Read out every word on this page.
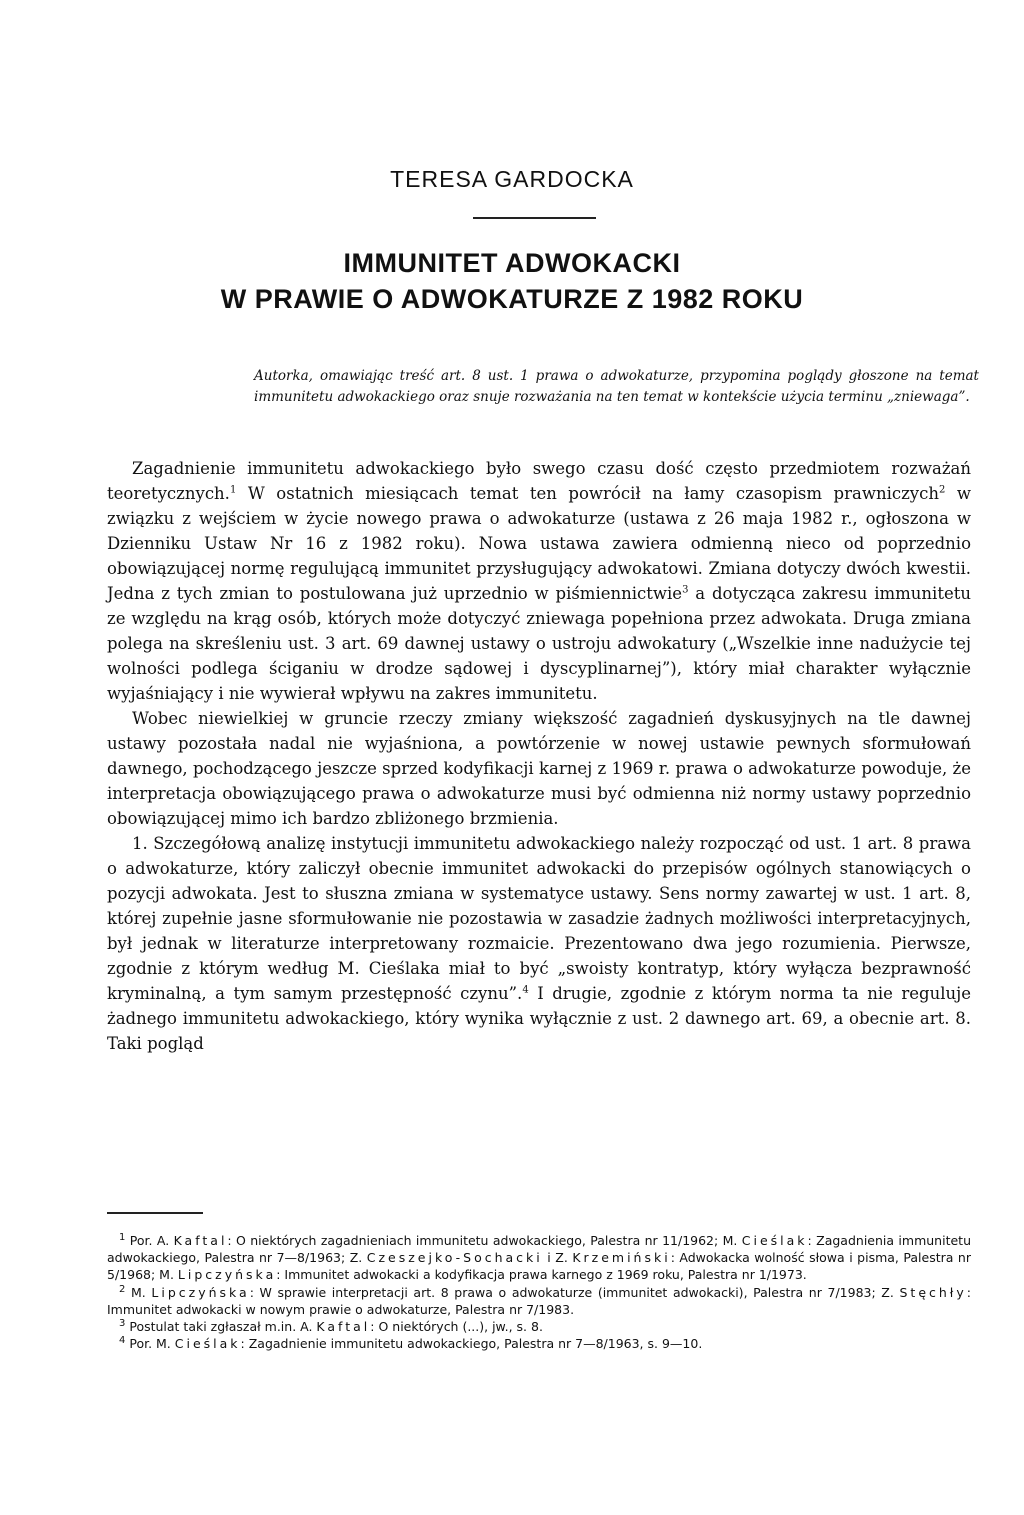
TERESA GARDOCKA
IMMUNITET ADWOKACKI
W PRAWIE O ADWOKATURZE Z 1982 ROKU
Autorka, omawiając treść art. 8 ust. 1 prawa o adwokaturze, przypomina poglądy głoszone na temat immunitetu adwokackiego oraz snuje rozważania na ten temat w kontekście użycia terminu „zniewaga”.

Zagadnienie immunitetu adwokackiego było swego czasu dość często przedmiotem rozważań teoretycznych.$^1$ W ostatnich miesiącach temat ten powrócił na łamy czasopism prawniczych$^2$ w związku z wejściem w życie nowego prawa o adwokaturze (ustawa z 26 maja 1982 r., ogłoszona w Dzienniku Ustaw Nr 16 z 1982 roku). Nowa ustawa zawiera odmienną nieco od poprzednio obowiązującej normę regulującą immunitet przysługujący adwokatowi. Zmiana dotyczy dwóch kwestii. Jedna z tych zmian to postulowana już uprzednio w piśmiennictwie$^3$ a dotycząca zakresu immunitetu ze względu na krąg osób, których może dotyczyć zniewaga popełniona przez adwokata. Druga zmiana polega na skreśleniu ust. 3 art. 69 dawnej ustawy o ustroju adwokatury („Wszelkie inne nadużycie tej wolności podlega ściganiu w drodze sądowej i dyscyplinarnej”), który miał charakter wyłącznie wyjaśniający i nie wywierał wpływu na zakres immunitetu.

Wobec niewielkiej w gruncie rzeczy zmiany większość zagadnień dyskusyjnych na tle dawnej ustawy pozostała nadal nie wyjaśniona, a powtórzenie w nowej ustawie pewnych sformułowań dawnego, pochodzącego jeszcze sprzed kodyfikacji karnej z 1969 r. prawa o adwokaturze powoduje, że interpretacja obowiązującego prawa o adwokaturze musi być odmienna niż normy ustawy poprzednio obowiązującej mimo ich bardzo zbliżonego brzmienia.

1. Szczegółową analizę instytucji immunitetu adwokackiego należy rozpocząć od ust. 1 art. 8 prawa o adwokaturze, który zaliczył obecnie immunitet adwokacki do przepisów ogólnych stanowiących o pozycji adwokata. Jest to słuszna zmiana w systematyce ustawy. Sens normy zawartej w ust. 1 art. 8, której zupełnie jasne sformułowanie nie pozostawia w zasadzie żadnych możliwości interpretacyjnych, był jednak w literaturze interpretowany rozmaicie. Prezentowano dwa jego rozumienia. Pierwsze, zgodnie z którym według M. Cieślaka miał to być „swoisty kontratyp, który wyłącza bezprawność kryminalną, a tym samym przestępność czynu”.$^4$ I drugie, zgodnie z którym norma ta nie reguluje żadnego immunitetu adwokackiego, który wynika wyłącznie z ust. 2 dawnego art. 69, a obecnie art. 8. Taki pogląd

$^1$ Por. A. Kaftal: O niektórych zagadnieniach immunitetu adwokackiego, Palestra nr 11/1962; M. Cieślak: Zagadnienia immunitetu adwokackiego, Palestra nr 7—8/1963; Z. Czeszejko-Sochacki i Z. Krzemiński: Adwokacka wolność słowa i pisma, Palestra nr 5/1968; M. Lipczyńska: Immunitet adwokacki a kodyfikacja prawa karnego z 1969 roku, Palestra nr 1/1973.

$^2$ M. Lipczyńska: W sprawie interpretacji art. 8 prawa o adwokaturze (immunitet adwokacki), Palestra nr 7/1983; Z. Stęchły: Immunitet adwokacki w nowym prawie o adwokaturze, Palestra nr 7/1983.

$^3$ Postulat taki zgłaszał m.in. A. Kaftal: O niektórych (...), jw., s. 8.

$^4$ Por. M. Cieślak: Zagadnienie immunitetu adwokackiego, Palestra nr 7—8/1963, s. 9—10.
